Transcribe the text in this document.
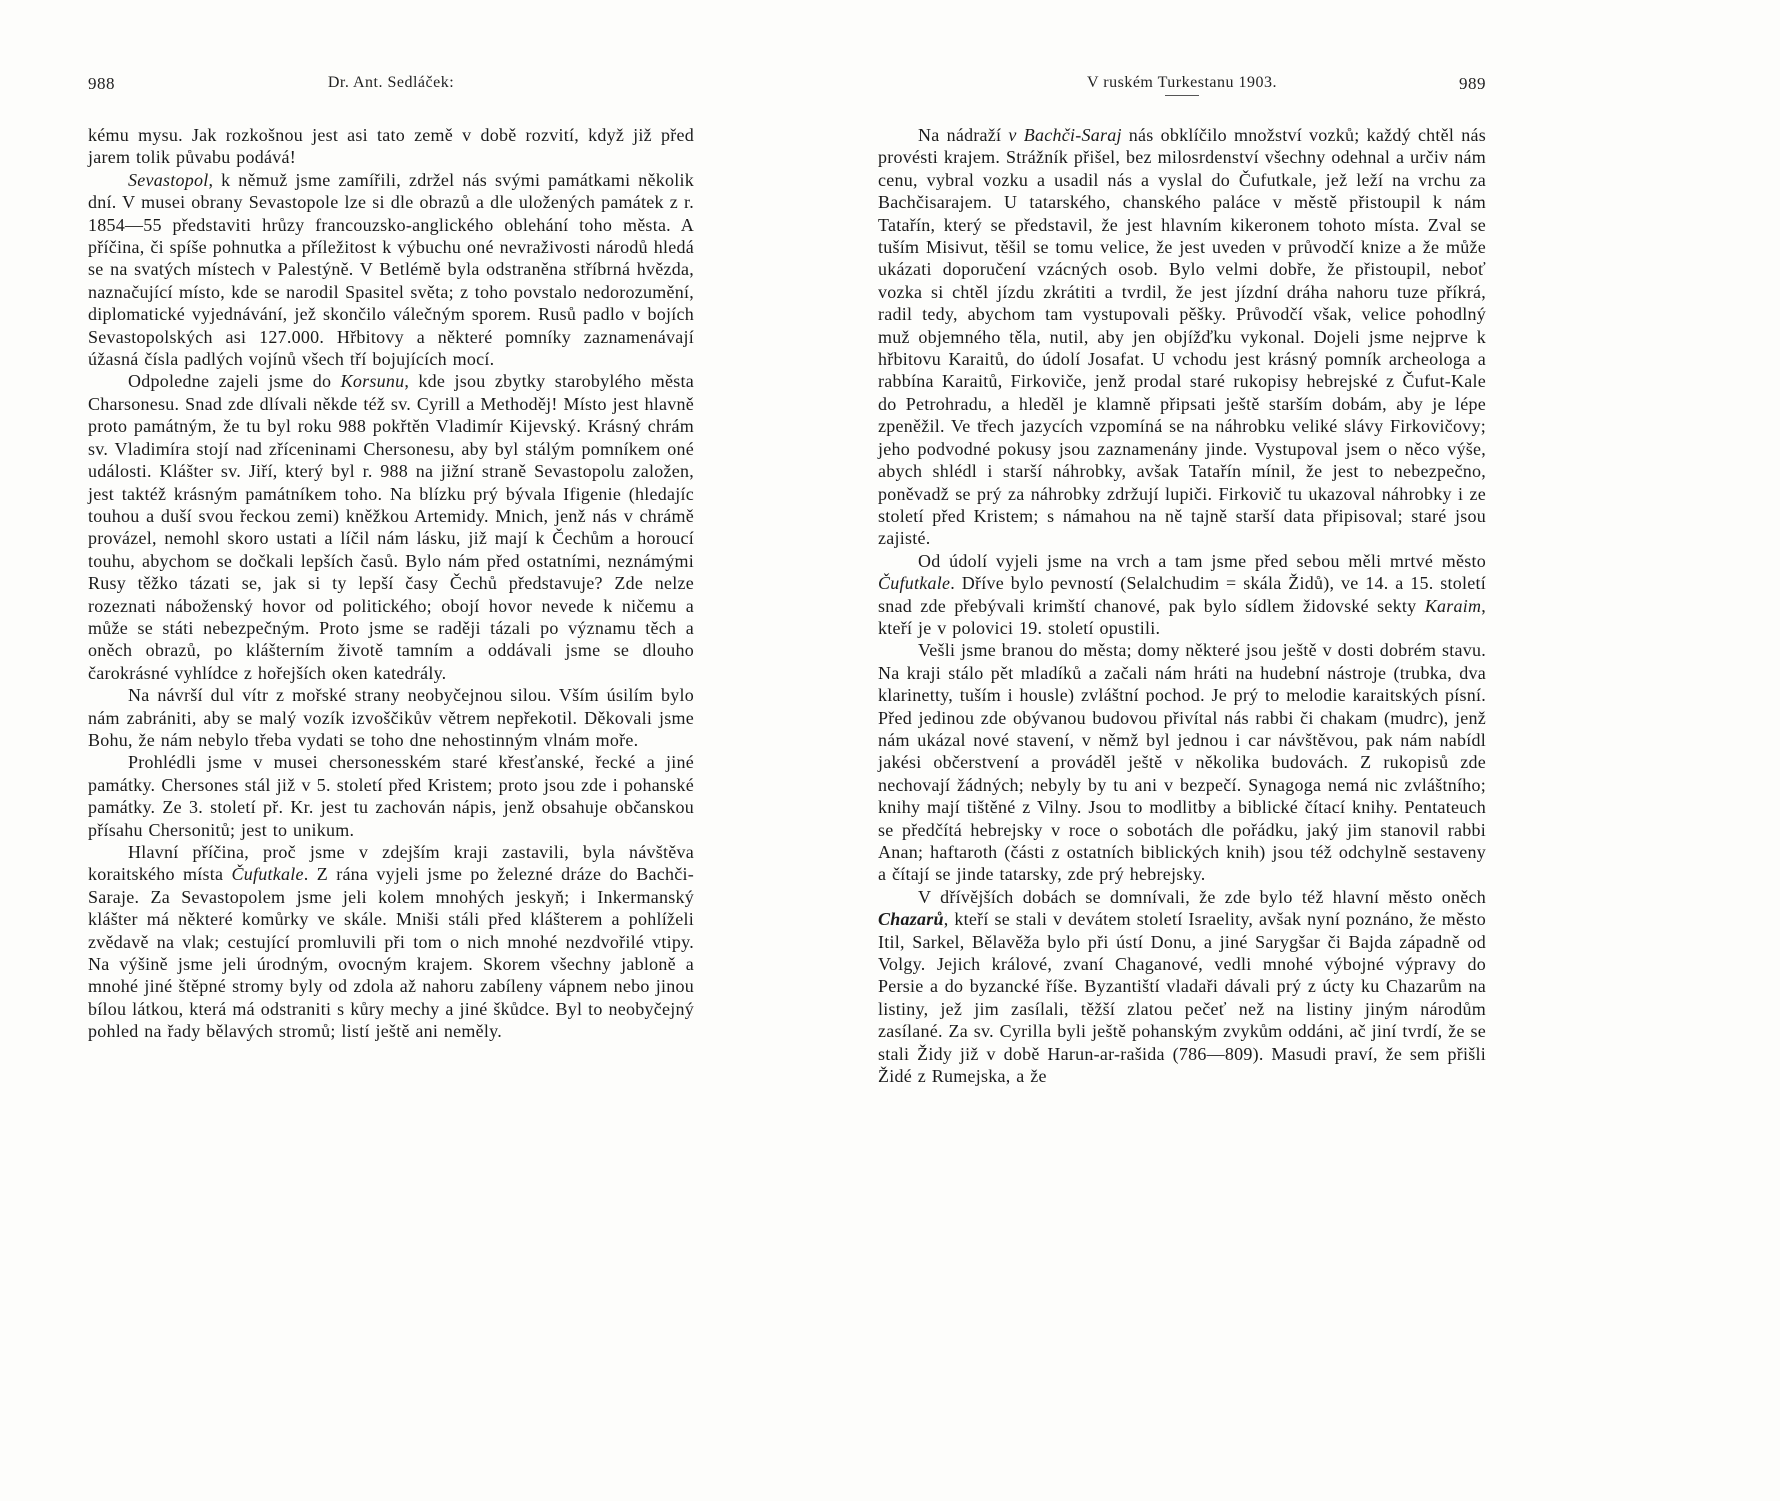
988	Dr. Ant. Sedláček:

kému mysu. Jak rozkošnou jest asi tato země v době rozvití, když již před jarem tolik půvabu podává!

Sevastopol, k němuž jsme zamířili, zdržel nás svými památkami několik dní. V musei obrany Sevastopole lze si dle obrazů a dle uložených památek z r. 1854—55 představiti hrůzy francouzsko-anglického oblehání toho města. A příčina, či spíše pohnutka a příležitost k výbuchu oné nevraživosti národů hledá se na svatých místech v Palestýně. V Betlémě byla odstraněna stříbrná hvězda, naznačující místo, kde se narodil Spasitel světa; z toho povstalo nedorozumění, diplomatické vyjednávání, jež skončilo válečným sporem. Rusů padlo v bojích Sevastopolských asi 127.000. Hřbitovy a některé pomníky zaznamenávají úžasná čísla padlých vojínů všech tří bojujících mocí.

Odpoledne zajeli jsme do Korsunu, kde jsou zbytky starobylého města Charsonesu. Snad zde dlívali někde též sv. Cyrill a Methoděj! Místo jest hlavně proto památným, že tu byl roku 988 pokřtěn Vladimír Kijevský. Krásný chrám sv. Vladimíra stojí nad zříceninami Chersonesu, aby byl stálým pomníkem oné události. Klášter sv. Jiří, který byl r. 988 na jižní straně Sevastopolu založen, jest taktéž krásným památníkem toho. Na blízku prý bývala Ifigenie (hledajíc touhou a duší svou řeckou zemi) kněžkou Artemidy. Mnich, jenž nás v chrámě provázel, nemohl skoro ustati a líčil nám lásku, již mají k Čechům a horoucí touhu, abychom se dočkali lepších časů. Bylo nám před ostatními, neznámými Rusy těžko tázati se, jak si ty lepší časy Čechů představuje? Zde nelze rozeznati náboženský hovor od politického; obojí hovor nevede k ničemu a může se státi nebezpečným. Proto jsme se raději tázali po významu těch a oněch obrazů, po klášterním životě tamním a oddávali jsme se dlouho čarokrásné vyhlídce z hořejších oken katedrály.

Na návrší dul vítr z mořské strany neobyčejnou silou. Vším úsilím bylo nám zabrániti, aby se malý vozík izvoščikův větrem nepřekotil. Děkovali jsme Bohu, že nám nebylo třeba vydati se toho dne nehostinným vlnám moře.

Prohlédli jsme v musei chersonesském staré křesťanské, řecké a jiné památky. Chersones stál již v 5. století před Kristem; proto jsou zde i pohanské památky. Ze 3. století př. Kr. jest tu zachován nápis, jenž obsahuje občanskou přísahu Chersonitů; jest to unikum.

Hlavní příčina, proč jsme v zdejším kraji zastavili, byla návštěva koraitského místa Čufutkale. Z rána vyjeli jsme po železné dráze do Bachči-Saraje. Za Sevastopolem jsme jeli kolem mnohých jeskyň; i Inkermanský klášter má některé komůrky ve skále. Mniši stáli před klášterem a pohlíželi zvědavě na vlak; cestující promluvili při tom o nich mnohé nezdvořilé vtipy. Na výšině jsme jeli úrodným, ovocným krajem. Skorem všechny jabloně a mnohé jiné štěpné stromy byly od zdola až nahoru zabíleny vápnem nebo jinou bílou látkou, která má odstraniti s kůry mechy a jiné škůdce. Byl to neobyčejný pohled na řady bělavých stromů; listí ještě ani neměly.

989
V ruském Turkestanu 1903.

Na nádraží v Bachči-Saraj nás obklíčilo množství vozků; každý chtěl nás provésti krajem. Strážník přišel, bez milosrdenství všechny odehnal a určiv nám cenu, vybral vozku a usadil nás a vyslal do Čufutkale, jež leží na vrchu za Bachčisarajem. U tatarského, chanského paláce v městě přistoupil k nám Tatařín, který se představil, že jest hlavním kikeronem tohoto místa. Zval se tuším Misivut, těšil se tomu velice, že jest uveden v průvodčí knize a že může ukázati doporučení vzácných osob. Bylo velmi dobře, že přistoupil, neboť vozka si chtěl jízdu zkrátiti a tvrdil, že jest jízdní dráha nahoru tuze příkrá, radil tedy, abychom tam vystupovali pěšky. Průvodčí však, velice pohodlný muž objemného těla, nutil, aby jen objížďku vykonal. Dojeli jsme nejprve k hřbitovu Karaitů, do údolí Josafat. U vchodu jest krásný pomník archeologa a rabbína Karaitů, Firkoviče, jenž prodal staré rukopisy hebrejské z Čufut-Kale do Petrohradu, a hleděl je klamně připsati ještě starším dobám, aby je lépe zpeněžil. Ve třech jazycích vzpomíná se na náhrobku veliké slávy Firkovičovy; jeho podvodné pokusy jsou zaznamenány jinde. Vystupoval jsem o něco výše, abych shlédl i starší náhrobky, avšak Tatařín mínil, že jest to nebezpečno, poněvadž se prý za náhrobky zdržují lupiči. Firkovič tu ukazoval náhrobky i ze století před Kristem; s námahou na ně tajně starší data připisoval; staré jsou zajisté.

Od údolí vyjeli jsme na vrch a tam jsme před sebou měli mrtvé město Čufutkale. Dříve bylo pevností (Selalchudim = skála Židů), ve 14. a 15. století snad zde přebývali krimští chanové, pak bylo sídlem židovské sekty Karaim, kteří je v polovici 19. století opustili.

Vešli jsme branou do města; domy některé jsou ještě v dosti dobrém stavu. Na kraji stálo pět mladíků a začali nám hráti na hudební nástroje (trubka, dva klarinetty, tuším i housle) zvláštní pochod. Je prý to melodie karaitských písní. Před jedinou zde obývanou budovou přivítal nás rabbi či chakam (mudrc), jenž nám ukázal nové stavení, v němž byl jednou i car návštěvou, pak nám nabídl jakési občerstvení a prováděl ještě v několika budovách. Z rukopisů zde nechovají žádných; nebyly by tu ani v bezpečí. Synagoga nemá nic zvláštního; knihy mají tištěné z Vilny. Jsou to modlitby a biblické čítací knihy. Pentateuch se předčítá hebrejsky v roce o sobotách dle pořádku, jaký jim stanovil rabbi Anan; haftaroth (části z ostatních biblických knih) jsou též odchylně sestaveny a čítají se jinde tatarsky, zde prý hebrejsky.

V dřívějších dobách se domnívali, že zde bylo též hlavní město oněch Chazarů, kteří se stali v devátem století Israelity, avšak nyní poznáno, že město Itil, Sarkel, Bělavěža bylo při ústí Donu, a jiné Sarygšar či Bajda západně od Volgy. Jejich králové, zvaní Chaganové, vedli mnohé výbojné výpravy do Persie a do byzancké říše. Byzantiští vladaři dávali prý z úcty ku Chazarům na listiny, jež jim zasílali, těžší zlatou pečeť než na listiny jiným národům zasílané. Za sv. Cyrilla byli ještě pohanským zvykům oddáni, ač jiní tvrdí, že se stali Židy již v době Harun-ar-rašida (786—809). Masudi praví, že sem přišli Židé z Rumejska, a že
